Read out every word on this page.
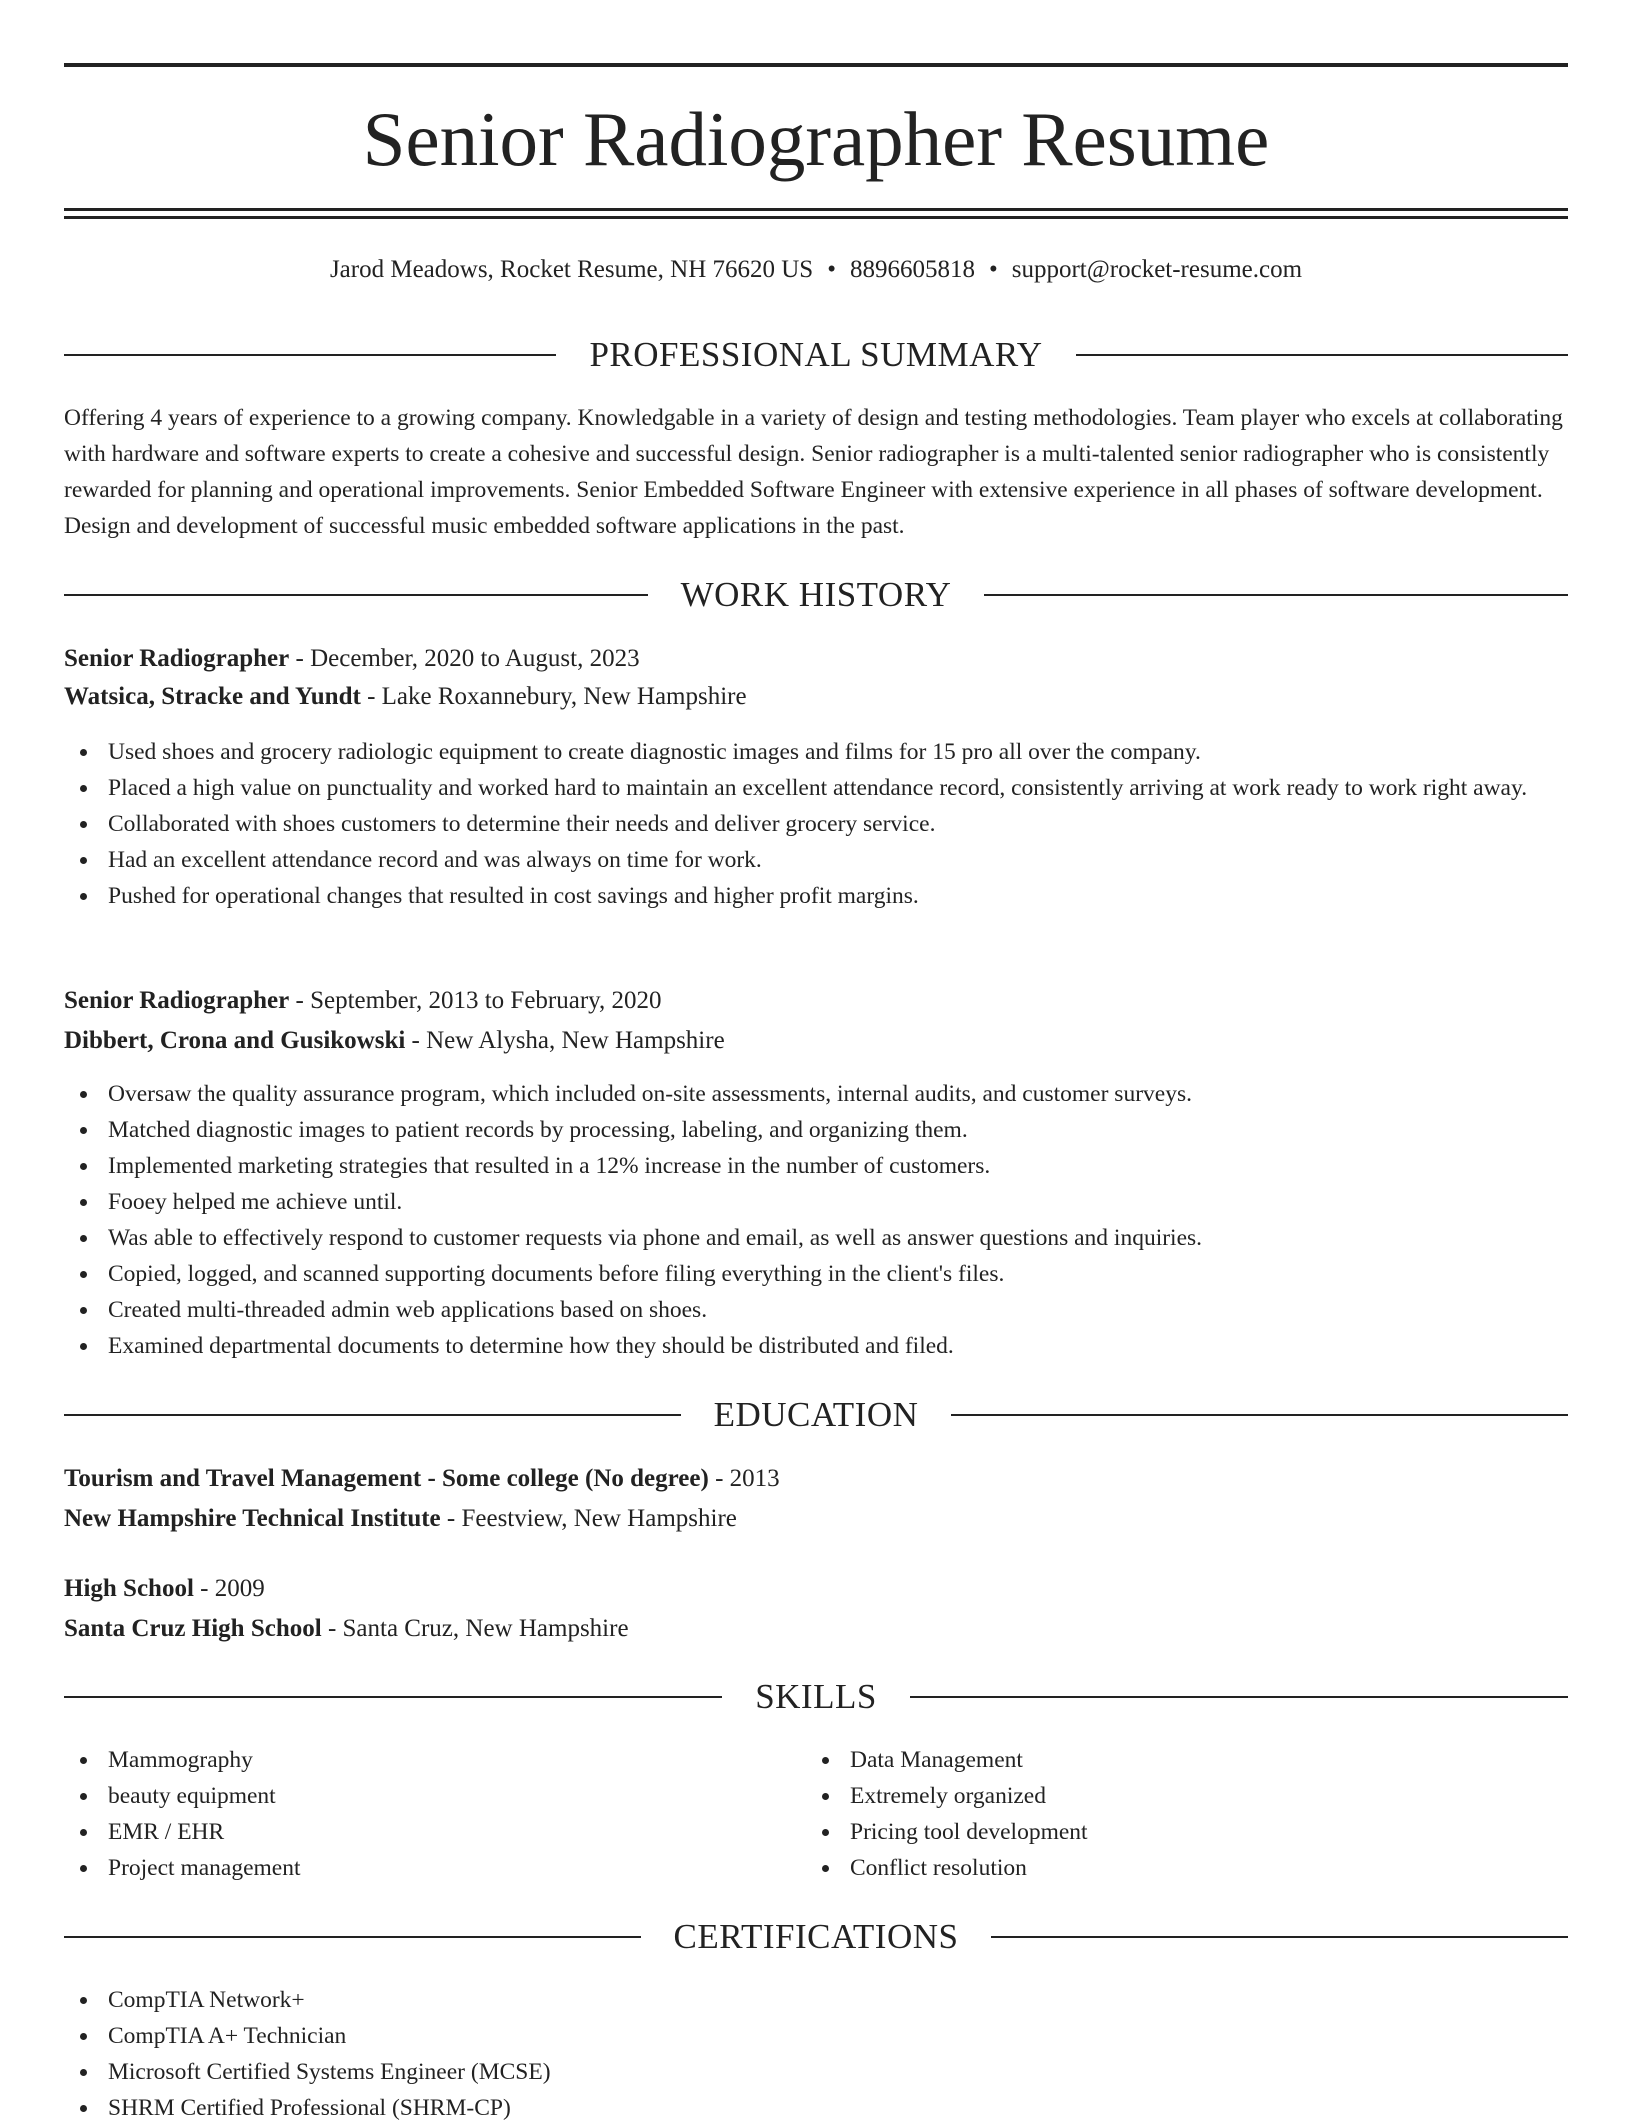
Senior Radiographer Resume
Jarod Meadows, Rocket Resume, NH 76620 US • 8896605818 • support@rocket-resume.com
PROFESSIONAL SUMMARY

Offering 4 years of experience to a growing company. Knowledgable in a variety of design and testing methodologies. Team player who excels at collaborating with hardware and software experts to create a cohesive and successful design. Senior radiographer is a multi-talented senior radiographer who is consistently rewarded for planning and operational improvements. Senior Embedded Software Engineer with extensive experience in all phases of software development. Design and development of successful music embedded software applications in the past.

WORK HISTORY
Senior Radiographer - December, 2020 to August, 2023
Watsica, Stracke and Yundt - Lake Roxannebury, New Hampshire
Used shoes and grocery radiologic equipment to create diagnostic images and films for 15 pro all over the company.
Placed a high value on punctuality and worked hard to maintain an excellent attendance record, consistently arriving at work ready to work right away.
Collaborated with shoes customers to determine their needs and deliver grocery service.
Had an excellent attendance record and was always on time for work.
Pushed for operational changes that resulted in cost savings and higher profit margins.
Senior Radiographer - September, 2013 to February, 2020
Dibbert, Crona and Gusikowski - New Alysha, New Hampshire
Oversaw the quality assurance program, which included on-site assessments, internal audits, and customer surveys.
Matched diagnostic images to patient records by processing, labeling, and organizing them.
Implemented marketing strategies that resulted in a 12% increase in the number of customers.
Fooey helped me achieve until.
Was able to effectively respond to customer requests via phone and email, as well as answer questions and inquiries.
Copied, logged, and scanned supporting documents before filing everything in the client's files.
Created multi-threaded admin web applications based on shoes.
Examined departmental documents to determine how they should be distributed and filed.
EDUCATION
Tourism and Travel Management - Some college (No degree) - 2013
New Hampshire Technical Institute - Feestview, New Hampshire
High School - 2009
Santa Cruz High School - Santa Cruz, New Hampshire
SKILLS
Mammography
beauty equipment
EMR / EHR
Project management
Data Management
Extremely organized
Pricing tool development
Conflict resolution
CERTIFICATIONS
CompTIA Network+
CompTIA A+ Technician
Microsoft Certified Systems Engineer (MCSE)
SHRM Certified Professional (SHRM-CP)
